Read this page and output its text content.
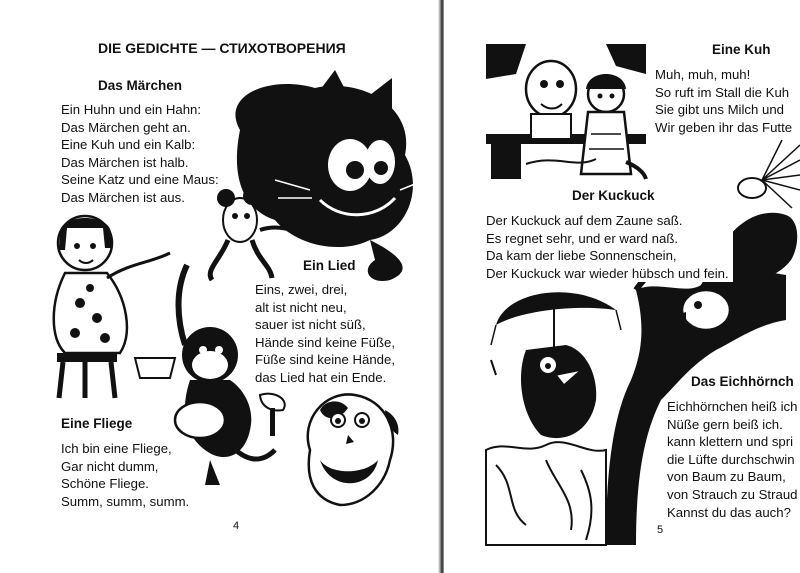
DIE GEDICHTE — СТИХОТВОРЕНИЯ
Das Märchen
Ein Huhn und ein Hahn:
Das Märchen geht an.
Eine Kuh und ein Kalb:
Das Märchen ist halb.
Seine Katz und eine Maus:
Das Märchen ist aus.
Eins, zwei, drei,
alt ist nicht neu,
sauer ist nicht süß,
Hände sind keine Füße,
Füße sind keine Hände,
das Lied hat ein Ende.
Ein Lied
Eine Fliege
Ich bin eine Fliege,
Gar nicht dumm,
Schöne Fliege.
Summ, summ, summ.
4
Eine Kuh
Muh, muh, muh!
So ruft im Stall die Kuh
Sie gibt uns Milch und
Wir geben ihr das Futte
Der Kuckuck
Der Kuckuck auf dem Zaune saß.
Es regnet sehr, und er ward naß.
Da kam der liebe Sonnenschein,
Der Kuckuck war wieder hübsch und fein.
Das Eichhörnch
Eichhörnchen heiß ich
Nüße gern beiß ich.
kann klettern und spri
die Lüfte durchschwin
von Baum zu Baum,
von Strauch zu Straud
Kannst du das auch?
5
